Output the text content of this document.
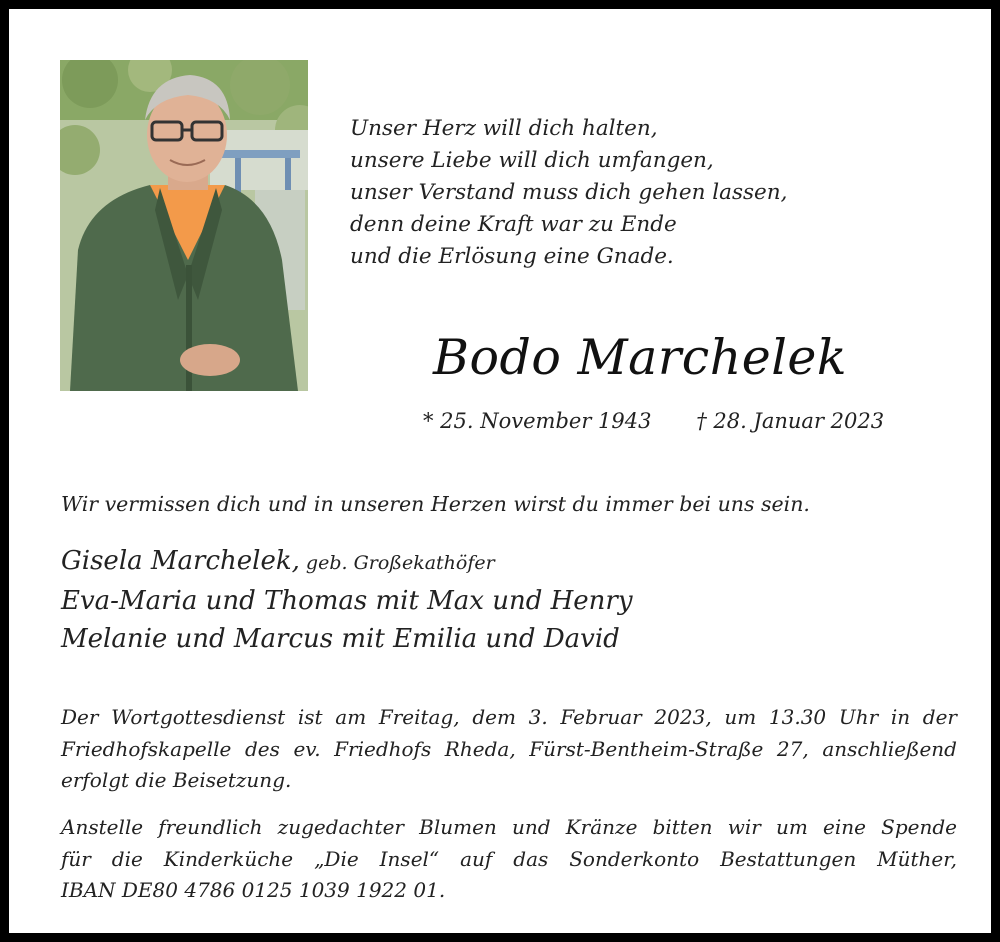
Unser Herz will dich halten,
unsere Liebe will dich umfangen,
unser Verstand muss dich gehen lassen,
denn deine Kraft war zu Ende
und die Erlösung eine Gnade.
Bodo Marchelek
* 25. November 1943 † 28. Januar 2023
Wir vermissen dich und in unseren Herzen wirst du immer bei uns sein.
Gisela Marchelek, geb. Großekathöfer
Eva-Maria und Thomas mit Max und Henry
Melanie und Marcus mit Emilia und David
Der Wortgottesdienst ist am Freitag, dem 3. Februar 2023, um 13.30 Uhr in der
Friedhofskapelle des ev. Friedhofs Rheda, Fürst-Bentheim-Straße 27, anschließend
erfolgt die Beisetzung.
Anstelle freundlich zugedachter Blumen und Kränze bitten wir um eine Spende
für die Kinderküche „Die Insel“ auf das Sonderkonto Bestattungen Müther,
IBAN DE80 4786 0125 1039 1922 01.
